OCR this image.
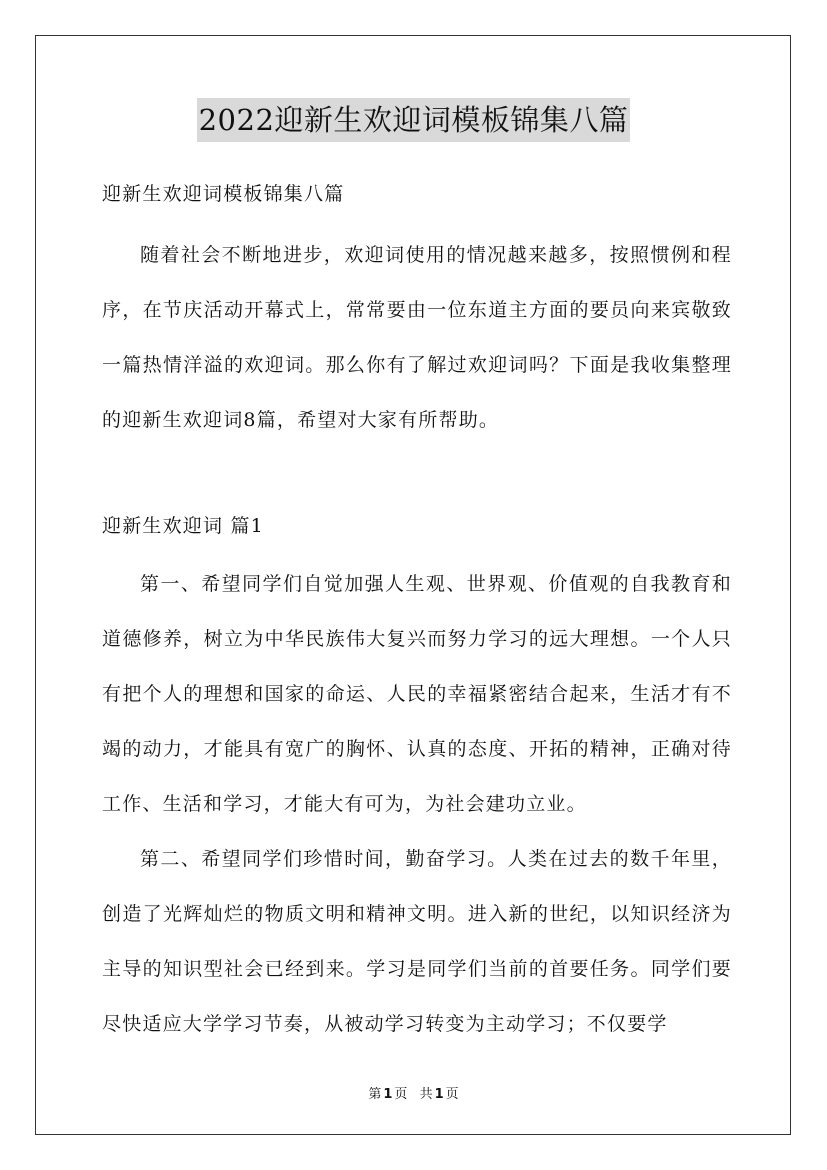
2022迎新生欢迎词模板锦集八篇

迎新生欢迎词模板锦集八篇

随着社会不断地进步，欢迎词使用的情况越来越多，按照惯例和程序，在节庆活动开幕式上，常常要由一位东道主方面的要员向来宾敬致一篇热情洋溢的欢迎词。那么你有了解过欢迎词吗？下面是我收集整理的迎新生欢迎词8篇，希望对大家有所帮助。

迎新生欢迎词 篇1

第一、希望同学们自觉加强人生观、世界观、价值观的自我教育和道德修养，树立为中华民族伟大复兴而努力学习的远大理想。一个人只有把个人的理想和国家的命运、人民的幸福紧密结合起来，生活才有不竭的动力，才能具有宽广的胸怀、认真的态度、开拓的精神，正确对待工作、生活和学习，才能大有可为，为社会建功立业。

第二、希望同学们珍惜时间，勤奋学习。人类在过去的数千年里，创造了光辉灿烂的物质文明和精神文明。进入新的世纪，以知识经济为主导的知识型社会已经到来。学习是同学们当前的首要任务。同学们要尽快适应大学学习节奏，从被动学习转变为主动学习；不仅要学

第 1 页 共 1 页
